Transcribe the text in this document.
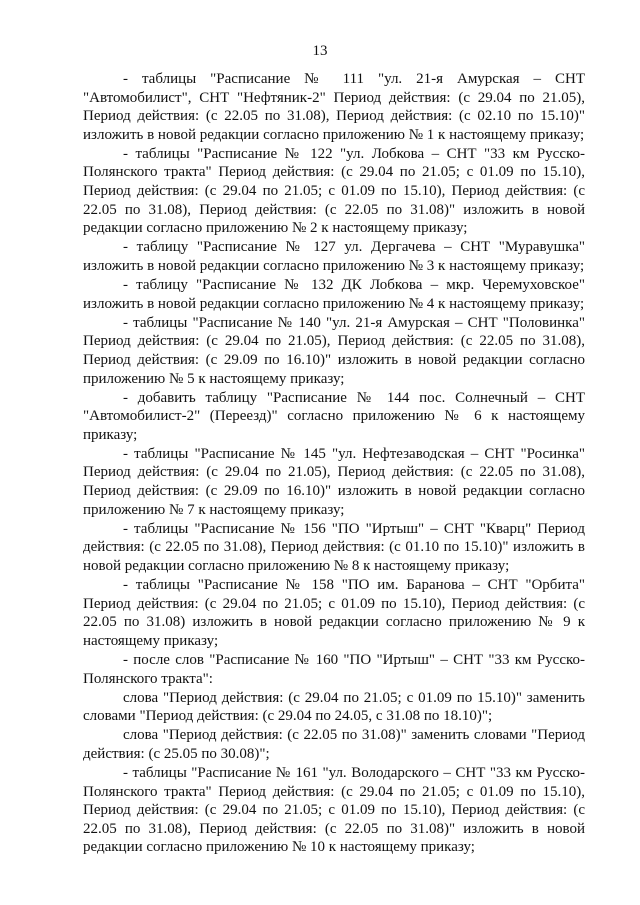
13

- таблицы "Расписание № 111 "ул. 21-я Амурская – СНТ "Автомобилист", СНТ "Нефтяник-2" Период действия: (с 29.04 по 21.05), Период действия: (с 22.05 по 31.08), Период действия: (с 02.10 по 15.10)" изложить в новой редакции согласно приложению № 1 к настоящему приказу;

- таблицы "Расписание № 122 "ул. Лобкова – СНТ "33 км Русско-Полянского тракта" Период действия: (с 29.04 по 21.05; с 01.09 по 15.10), Период действия: (с 29.04 по 21.05; с 01.09 по 15.10), Период действия: (с 22.05 по 31.08), Период действия: (с 22.05 по 31.08)" изложить в новой редакции согласно приложению № 2 к настоящему приказу;

- таблицу "Расписание № 127 ул. Дергачева – СНТ "Муравушка" изложить в новой редакции согласно приложению № 3 к настоящему приказу;

- таблицу "Расписание № 132 ДК Лобкова – мкр. Черемуховское" изложить в новой редакции согласно приложению № 4 к настоящему приказу;

- таблицы "Расписание № 140 "ул. 21-я Амурская – СНТ "Половинка" Период действия: (с 29.04 по 21.05), Период действия: (с 22.05 по 31.08), Период действия: (с 29.09 по 16.10)" изложить в новой редакции согласно приложению № 5 к настоящему приказу;

- добавить таблицу "Расписание № 144 пос. Солнечный – СНТ "Автомобилист-2" (Переезд)" согласно приложению № 6 к настоящему приказу;

- таблицы "Расписание № 145 "ул. Нефтезаводская – СНТ "Росинка" Период действия: (с 29.04 по 21.05), Период действия: (с 22.05 по 31.08), Период действия: (с 29.09 по 16.10)" изложить в новой редакции согласно приложению № 7 к настоящему приказу;

- таблицы "Расписание № 156 "ПО "Иртыш" – СНТ "Кварц" Период действия: (с 22.05 по 31.08), Период действия: (с 01.10 по 15.10)" изложить в новой редакции согласно приложению № 8 к настоящему приказу;

- таблицы "Расписание № 158 "ПО им. Баранова – СНТ "Орбита" Период действия: (с 29.04 по 21.05; с 01.09 по 15.10), Период действия: (с 22.05 по 31.08) изложить в новой редакции согласно приложению № 9 к настоящему приказу;

- после слов "Расписание № 160 "ПО "Иртыш" – СНТ "33 км Русско-Полянского тракта":

слова "Период действия: (с 29.04 по 21.05; с 01.09 по 15.10)" заменить словами "Период действия: (с 29.04 по 24.05, с 31.08 по 18.10)";

слова "Период действия: (с 22.05 по 31.08)" заменить словами "Период действия: (с 25.05 по 30.08)";

- таблицы "Расписание № 161 "ул. Володарского – СНТ "33 км Русско-Полянского тракта" Период действия: (с 29.04 по 21.05; с 01.09 по 15.10), Период действия: (с 29.04 по 21.05; с 01.09 по 15.10), Период действия: (с 22.05 по 31.08), Период действия: (с 22.05 по 31.08)" изложить в новой редакции согласно приложению № 10 к настоящему приказу;
